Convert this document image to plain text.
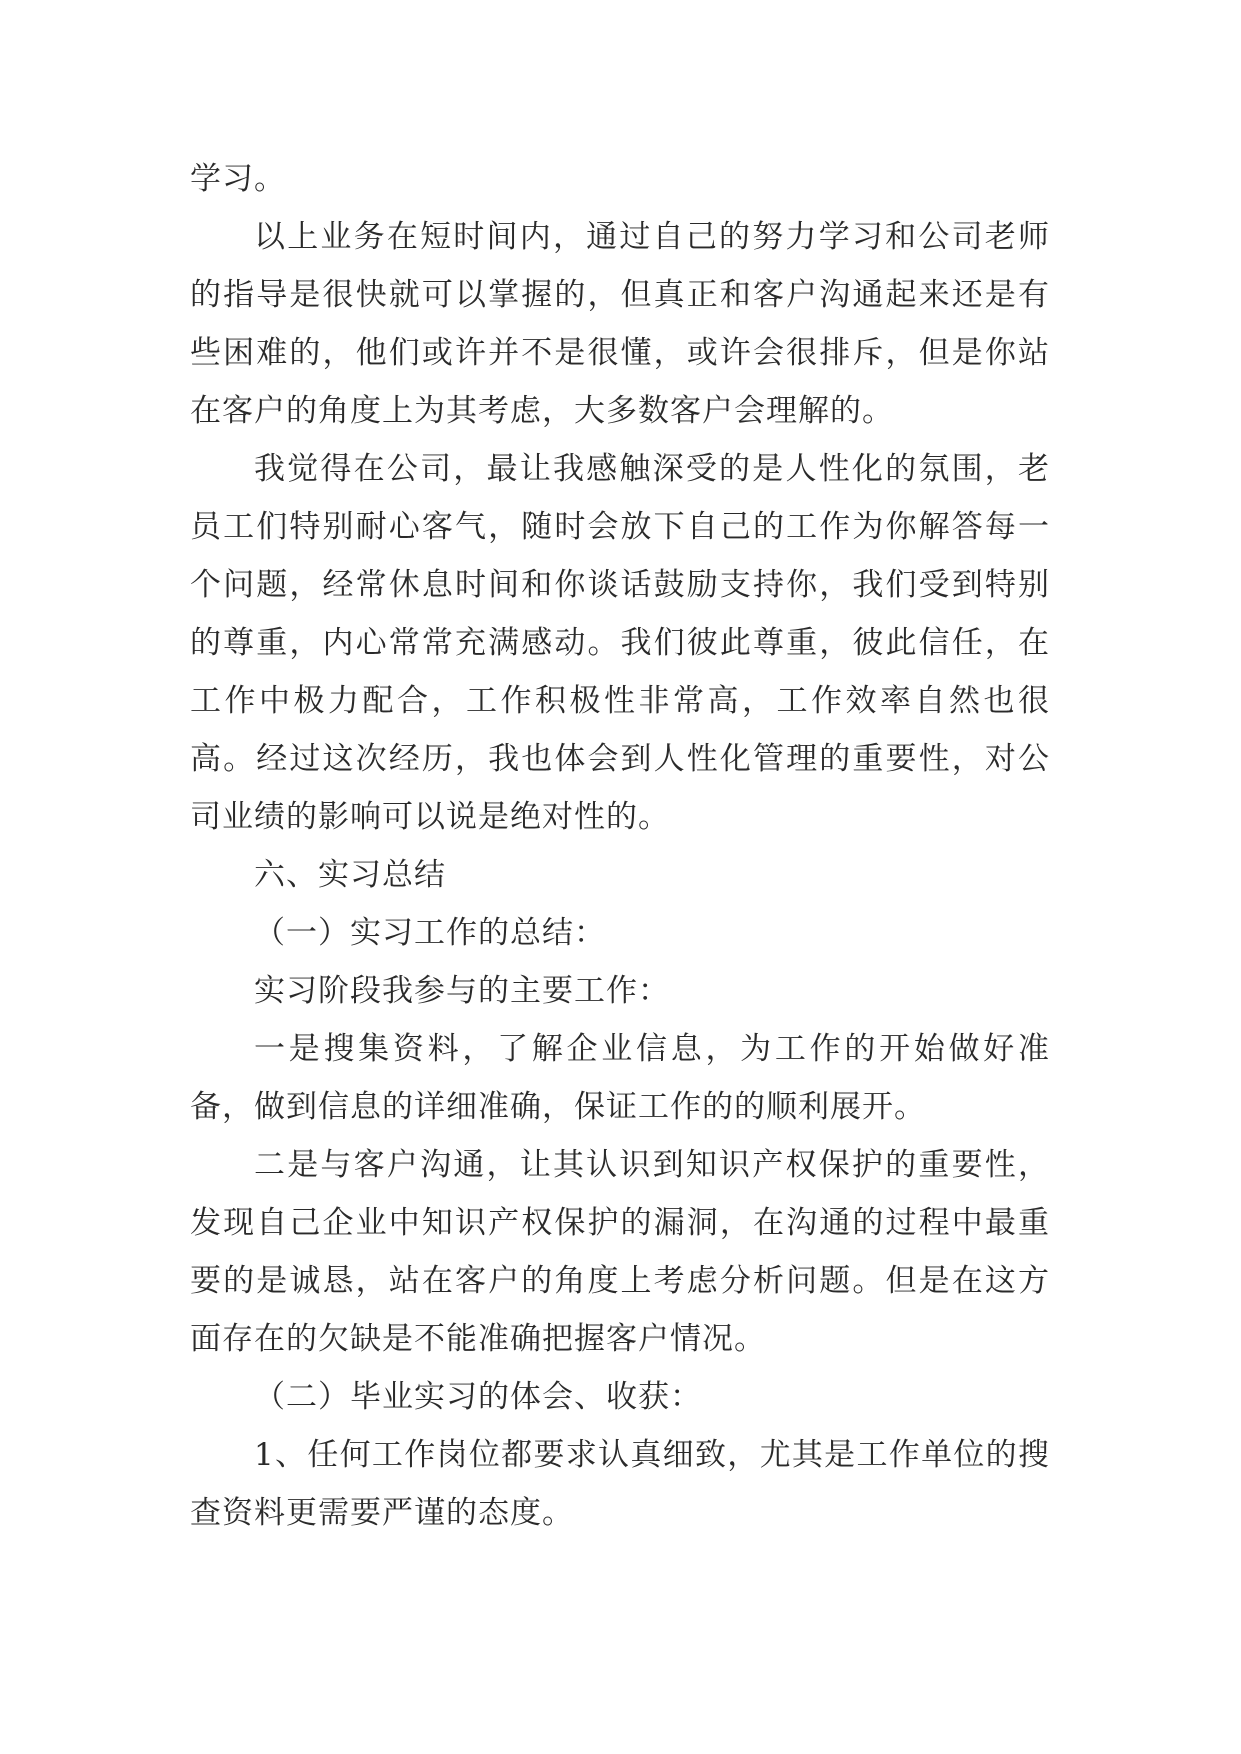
学习。

以上业务在短时间内，通过自己的努力学习和公司老师的指导是很快就可以掌握的，但真正和客户沟通起来还是有些困难的，他们或许并不是很懂，或许会很排斥，但是你站在客户的角度上为其考虑，大多数客户会理解的。

我觉得在公司，最让我感触深受的是人性化的氛围，老员工们特别耐心客气，随时会放下自己的工作为你解答每一个问题，经常休息时间和你谈话鼓励支持你，我们受到特别的尊重，内心常常充满感动。我们彼此尊重，彼此信任，在工作中极力配合，工作积极性非常高，工作效率自然也很高。经过这次经历，我也体会到人性化管理的重要性，对公司业绩的影响可以说是绝对性的。

六、实习总结

（一）实习工作的总结：

实习阶段我参与的主要工作：

一是搜集资料，了解企业信息，为工作的开始做好准备，做到信息的详细准确，保证工作的的顺利展开。

二是与客户沟通，让其认识到知识产权保护的重要性，发现自己企业中知识产权保护的漏洞，在沟通的过程中最重要的是诚恳，站在客户的角度上考虑分析问题。但是在这方面存在的欠缺是不能准确把握客户情况。

（二）毕业实习的体会、收获：

1、任何工作岗位都要求认真细致，尤其是工作单位的搜查资料更需要严谨的态度。
